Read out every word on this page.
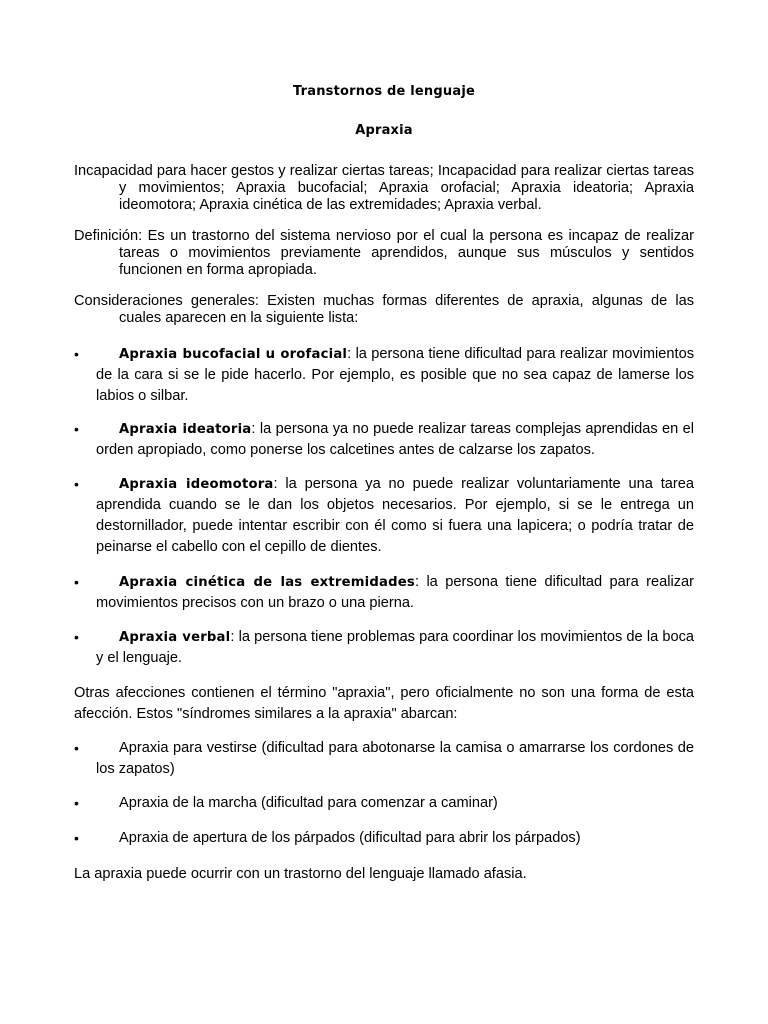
Transtornos de lenguaje
Apraxia

Incapacidad para hacer gestos y realizar ciertas tareas; Incapacidad para realizar ciertas tareas y movimientos; Apraxia bucofacial; Apraxia orofacial; Apraxia ideatoria; Apraxia ideomotora; Apraxia cinética de las extremidades; Apraxia verbal.

Definición: Es un trastorno del sistema nervioso por el cual la persona es incapaz de realizar tareas o movimientos previamente aprendidos, aunque sus músculos y sentidos funcionen en forma apropiada.

Consideraciones generales: Existen muchas formas diferentes de apraxia, algunas de las cuales aparecen en la siguiente lista:

•	Apraxia bucofacial u orofacial: la persona tiene dificultad para realizar movimientos de la cara si se le pide hacerlo. Por ejemplo, es posible que no sea capaz de lamerse los labios o silbar.
•	Apraxia ideatoria: la persona ya no puede realizar tareas complejas aprendidas en el orden apropiado, como ponerse los calcetines antes de calzarse los zapatos.
•	Apraxia ideomotora: la persona ya no puede realizar voluntariamente una tarea aprendida cuando se le dan los objetos necesarios. Por ejemplo, si se le entrega un destornillador, puede intentar escribir con él como si fuera una lapicera; o podría tratar de peinarse el cabello con el cepillo de dientes.
•	Apraxia cinética de las extremidades: la persona tiene dificultad para realizar movimientos precisos con un brazo o una pierna.
•	Apraxia verbal: la persona tiene problemas para coordinar los movimientos de la boca y el lenguaje.

Otras afecciones contienen el término "apraxia", pero oficialmente no son una forma de esta afección. Estos "síndromes similares a la apraxia" abarcan:

•	Apraxia para vestirse (dificultad para abotonarse la camisa o amarrarse los cordones de los zapatos)
•	Apraxia de la marcha (dificultad para comenzar a caminar)
•	Apraxia de apertura de los párpados (dificultad para abrir los párpados)

La apraxia puede ocurrir con un trastorno del lenguaje llamado afasia.
